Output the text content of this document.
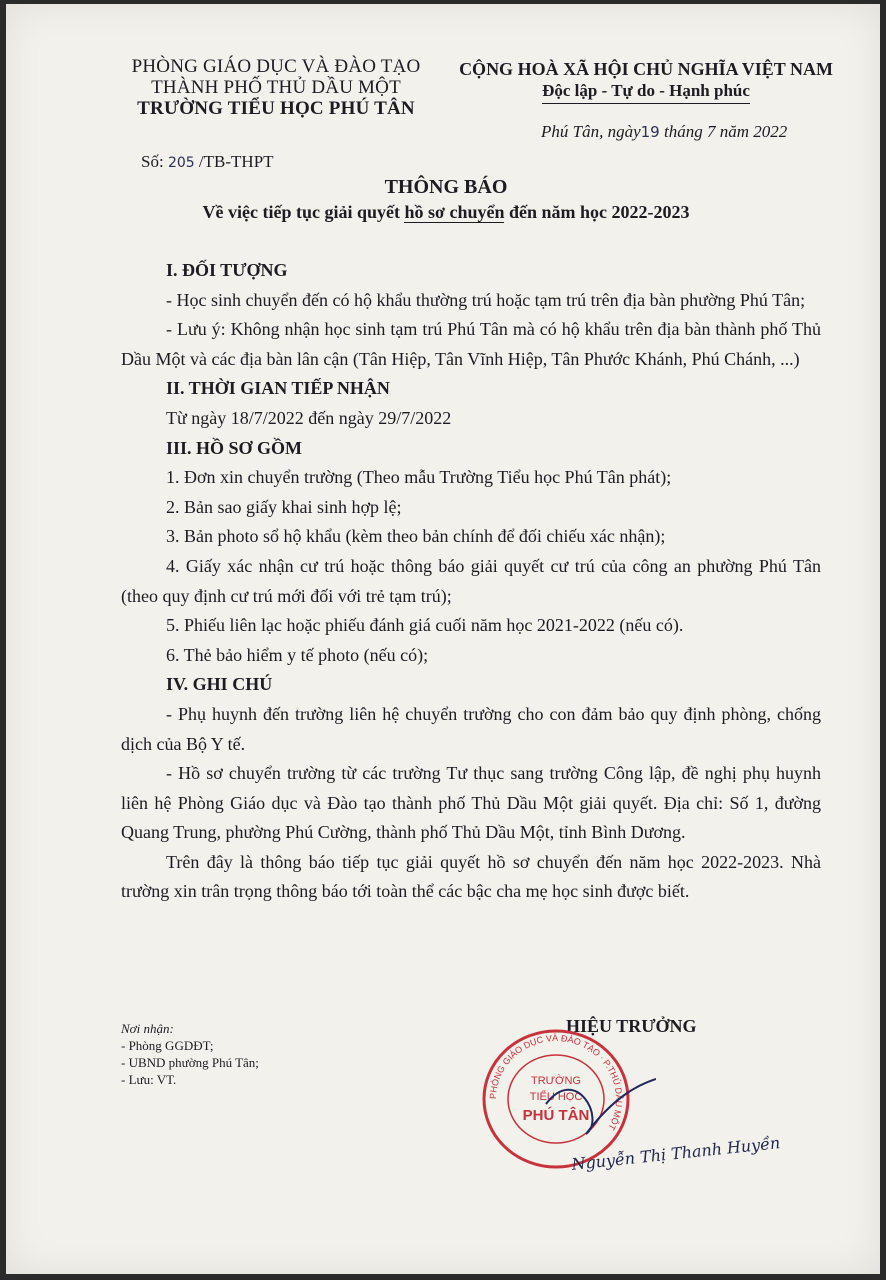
PHÒNG GIÁO DỤC VÀ ĐÀO TẠO
THÀNH PHỐ THỦ DẦU MỘT
TRƯỜNG TIỂU HỌC PHÚ TÂN
CỘNG HOÀ XÃ HỘI CHỦ NGHĨA VIỆT NAM
Độc lập - Tự do - Hạnh phúc
Phú Tân, ngày19 tháng 7 năm 2022
Số: 205 /TB-THPT
THÔNG BÁO
Về việc tiếp tục giải quyết hồ sơ chuyển đến năm học 2022-2023
I. ĐỐI TƯỢNG
- Học sinh chuyển đến có hộ khẩu thường trú hoặc tạm trú trên địa bàn phường Phú Tân;
- Lưu ý: Không nhận học sinh tạm trú Phú Tân mà có hộ khẩu trên địa bàn thành phố Thủ Dầu Một và các địa bàn lân cận (Tân Hiệp, Tân Vĩnh Hiệp, Tân Phước Khánh, Phú Chánh, ...)
II. THỜI GIAN TIẾP NHẬN
Từ ngày 18/7/2022 đến ngày 29/7/2022
III. HỒ SƠ GỒM
1. Đơn xin chuyển trường (Theo mẫu Trường Tiểu học Phú Tân phát);
2. Bản sao giấy khai sinh hợp lệ;
3. Bản photo sổ hộ khẩu (kèm theo bản chính để đối chiếu xác nhận);
4. Giấy xác nhận cư trú hoặc thông báo giải quyết cư trú của công an phường Phú Tân (theo quy định cư trú mới đối với trẻ tạm trú);
5. Phiếu liên lạc hoặc phiếu đánh giá cuối năm học 2021-2022 (nếu có).
6. Thẻ bảo hiểm y tế photo (nếu có);
IV. GHI CHÚ
- Phụ huynh đến trường liên hệ chuyển trường cho con đảm bảo quy định phòng, chống dịch của Bộ Y tế.
- Hồ sơ chuyển trường từ các trường Tư thục sang trường Công lập, đề nghị phụ huynh liên hệ Phòng Giáo dục và Đào tạo thành phố Thủ Dầu Một giải quyết. Địa chỉ: Số 1, đường Quang Trung, phường Phú Cường, thành phố Thủ Dầu Một, tỉnh Bình Dương.
Trên đây là thông báo tiếp tục giải quyết hồ sơ chuyển đến năm học 2022-2023. Nhà trường xin trân trọng thông báo tới toàn thể các bậc cha mẹ học sinh được biết.
Nơi nhận:
- Phòng GGDĐT;
- UBND phường Phú Tân;
- Lưu: VT.
HIỆU TRƯỞNG
PHÒNG GIÁO DỤC VÀ ĐÀO TẠO · P.THỦ DẦU MỘT
TRƯỜNG
TIỂU HỌC
PHÚ TÂN
Nguyễn Thị Thanh Huyền
